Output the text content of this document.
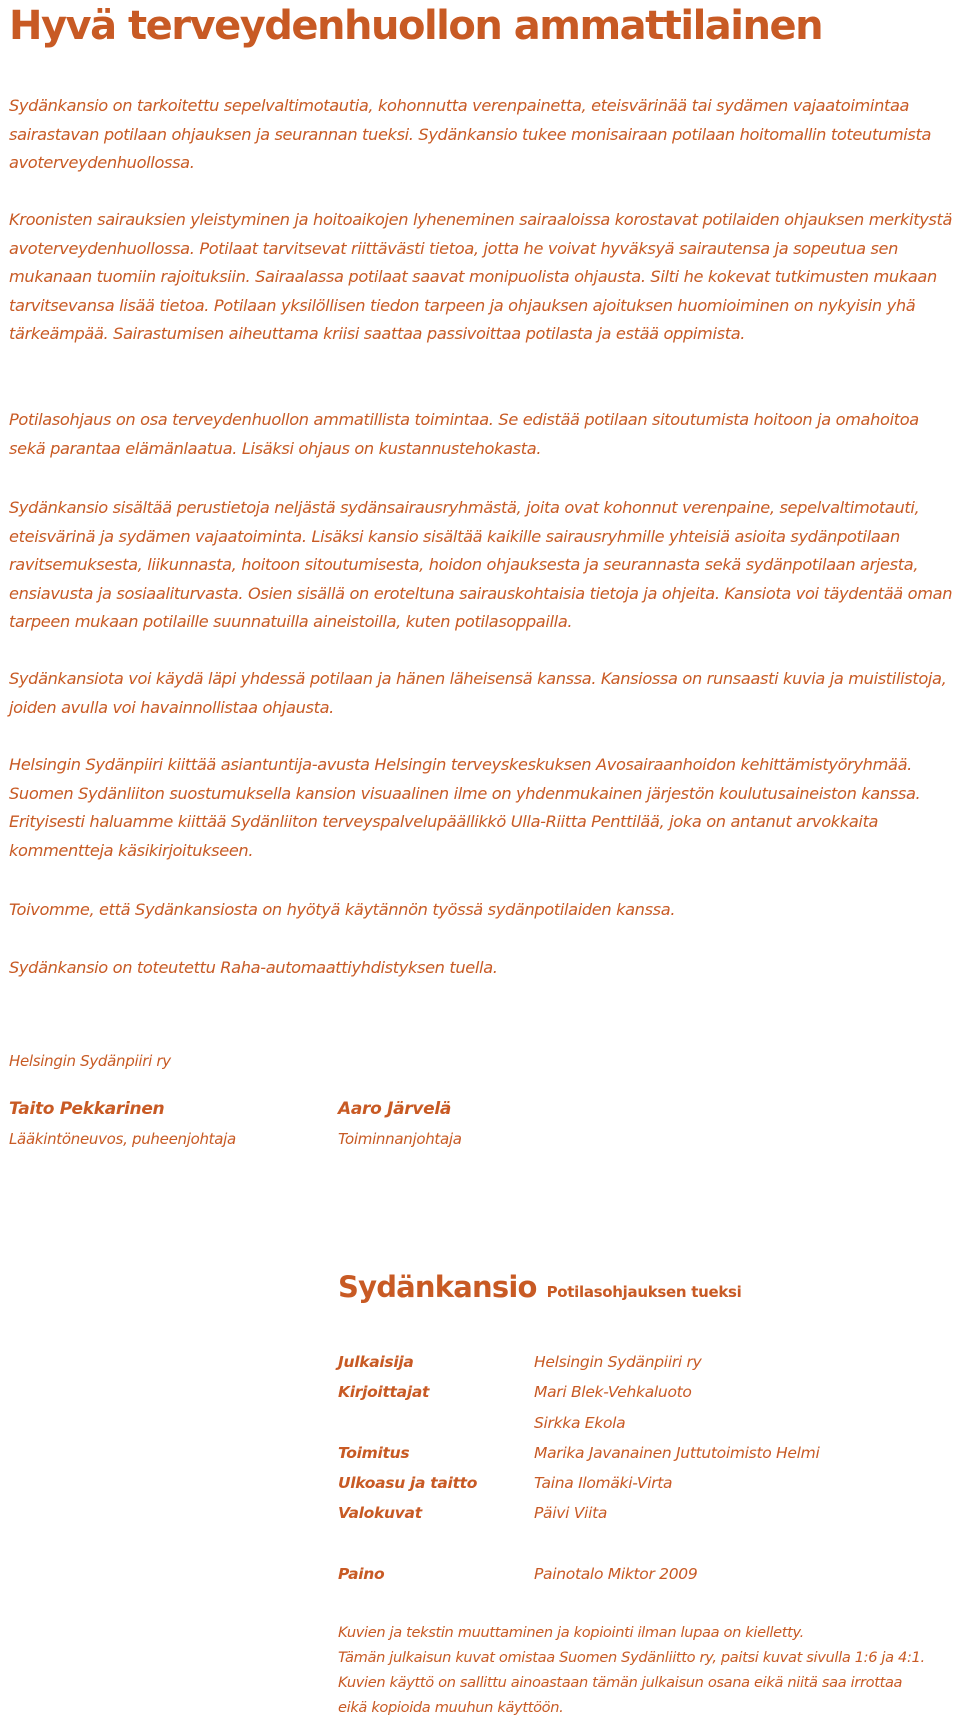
Hyvä terveydenhuollon ammattilainen

Sydänkansio on tarkoitettu sepelvaltimotautia, kohonnutta verenpainetta, eteisvärinää tai sydämen vajaatoimintaa sairastavan potilaan ohjauksen ja seurannan tueksi. Sydänkansio tukee monisairaan potilaan hoitomallin toteutumista avoterveydenhuollossa.

Kroonisten sairauksien yleistyminen ja hoitoaikojen lyheneminen sairaaloissa korostavat potilaiden ohjauksen merkitystä avoterveydenhuollossa. Potilaat tarvitsevat riittävästi tietoa, jotta he voivat hyväksyä sairautensa ja sopeutua sen mukanaan tuomiin rajoituksiin. Sairaalassa potilaat saavat monipuolista ohjausta. Silti he kokevat tutkimusten mukaan tarvitsevansa lisää tietoa. Potilaan yksilöllisen tiedon tarpeen ja ohjauksen ajoituksen huomioiminen on nykyisin yhä tärkeämpää. Sairastumisen aiheuttama kriisi saattaa passivoittaa potilasta ja estää oppimista.

Potilasohjaus on osa terveydenhuollon ammatillista toimintaa. Se edistää potilaan sitoutumista hoitoon ja omahoitoa sekä parantaa elämänlaatua. Lisäksi ohjaus on kustannustehokasta.

Sydänkansio sisältää perustietoja neljästä sydänsairausryhmästä, joita ovat kohonnut verenpaine, sepelvaltimotauti, eteisvärinä ja sydämen vajaatoiminta. Lisäksi kansio sisältää kaikille sairausryhmille yhteisiä asioita sydänpotilaan ravitsemuksesta, liikunnasta, hoitoon sitoutumisesta, hoidon ohjauksesta ja seurannasta sekä sydänpotilaan arjesta, ensiavusta ja sosiaaliturvasta. Osien sisällä on eroteltuna sairauskohtaisia tietoja ja ohjeita. Kansiota voi täydentää oman tarpeen mukaan potilaille suunnatuilla aineistoilla, kuten potilasoppailla.

Sydänkansiota voi käydä läpi yhdessä potilaan ja hänen läheisensä kanssa. Kansiossa on runsaasti kuvia ja muistilistoja, joiden avulla voi havainnollistaa ohjausta.

Helsingin Sydänpiiri kiittää asiantuntija-avusta Helsingin terveyskeskuksen Avosairaanhoidon kehittämistyöryhmää. Suomen Sydänliiton suostumuksella kansion visuaalinen ilme on yhdenmukainen järjestön koulutusaineiston kanssa. Erityisesti haluamme kiittää Sydänliiton terveyspalvelupäällikkö Ulla-Riitta Penttilää, joka on antanut arvokkaita kommentteja käsikirjoitukseen.

Toivomme, että Sydänkansiosta on hyötyä käytännön työssä sydänpotilaiden kanssa.

Sydänkansio on toteutettu Raha-automaattiyhdistyksen tuella.

Helsingin Sydänpiiri ry

Taito Pekkarinen

Lääkintöneuvos, puheenjohtaja

Aaro Järvelä

Toiminnanjohtaja

Sydänkansio Potilasohjauksen tueksi

Julkaisija	Helsingin Sydänpiiri ry
Kirjoittajat	Mari Blek-Vehkaluoto
Sirkka Ekola
Toimitus	Marika Javanainen Juttutoimisto Helmi
Ulkoasu ja taitto	Taina Ilomäki-Virta
Valokuvat	Päivi Viita
Paino	Painotalo Miktor 2009
Kuvien ja tekstin muuttaminen ja kopiointi ilman lupaa on kielletty.
Tämän julkaisun kuvat omistaa Suomen Sydänliitto ry, paitsi kuvat sivulla 1:6 ja 4:1.
Kuvien käyttö on sallittu ainoastaan tämän julkaisun osana eikä niitä saa irrottaa
eikä kopioida muuhun käyttöön.
